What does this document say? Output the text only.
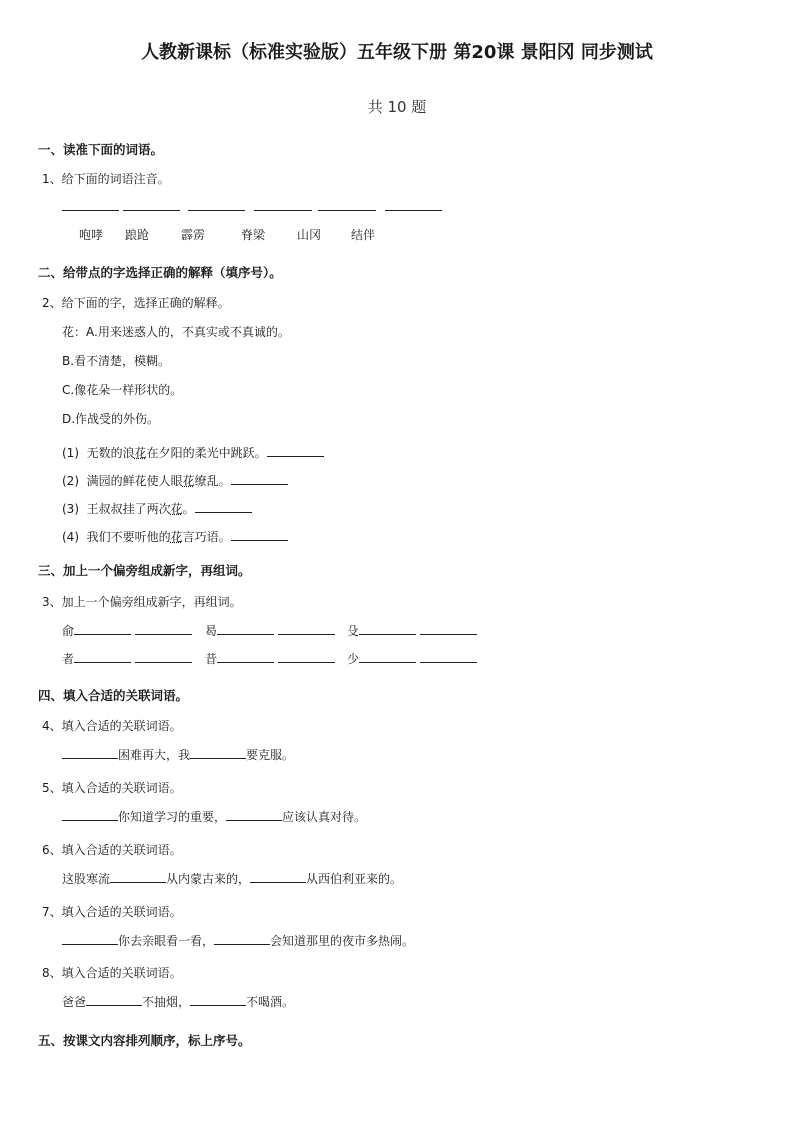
人教新课标（标准实验版）五年级下册 第20课 景阳冈 同步测试
共 10 题
一、读准下面的词语。
1、给下面的词语注音。
咆哮 踉跄	霹雳	脊梁	山冈 结伴
二、给带点的字选择正确的解释（填序号）。
2、给下面的字，选择正确的解释。
花：A.用来迷惑人的，不真实或不真诚的。
B.看不清楚，模糊。
C.像花朵一样形状的。
D.作战受的外伤。
(1) 无数的浪花在夕阳的柔光中跳跃。
(2) 满园的鲜花使人眼花缭乱。
(3) 王叔叔挂了两次花。
(4) 我们不要听他的花言巧语。
三、加上一个偏旁组成新字，再组词。
3、加上一个偏旁组成新字，再组词。
俞	曷	殳
者	昔	少
四、填入合适的关联词语。
4、填入合适的关联词语。
困难再大，我	要克服。
5、填入合适的关联词语。
你知道学习的重要，	应该认真对待。
6、填入合适的关联词语。
这股寒流	从内蒙古来的，	从西伯利亚来的。
7、填入合适的关联词语。
你去亲眼看一看，	会知道那里的夜市多热闹。
8、填入合适的关联词语。
爸爸	不抽烟，	不喝酒。
五、按课文内容排列顺序，标上序号。
